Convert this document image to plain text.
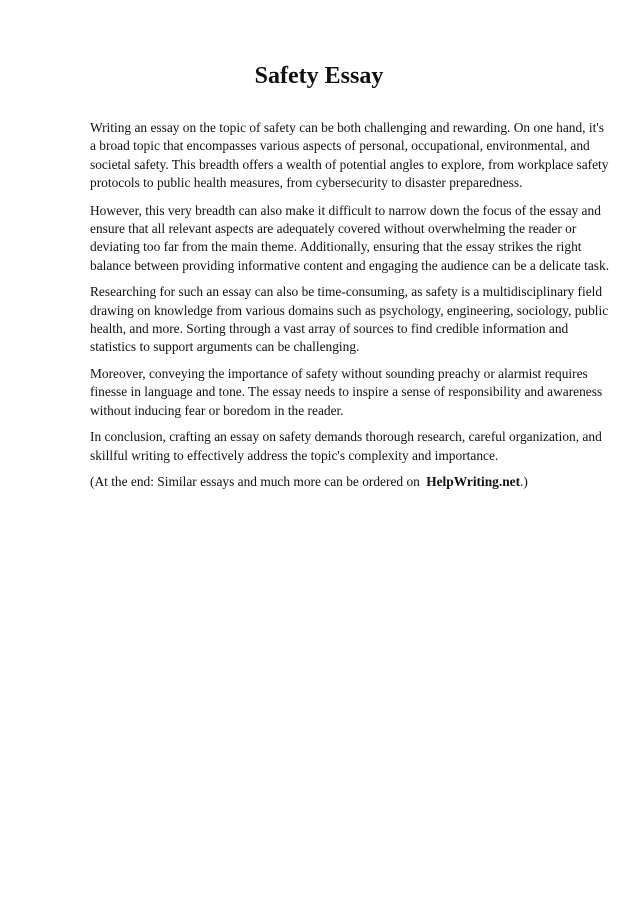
Safety Essay

Writing an essay on the topic of safety can be both challenging and rewarding. On one hand, it's a broad topic that encompasses various aspects of personal, occupational, environmental, and societal safety. This breadth offers a wealth of potential angles to explore, from workplace safety protocols to public health measures, from cybersecurity to disaster preparedness.

However, this very breadth can also make it difficult to narrow down the focus of the essay and ensure that all relevant aspects are adequately covered without overwhelming the reader or deviating too far from the main theme. Additionally, ensuring that the essay strikes the right balance between providing informative content and engaging the audience can be a delicate task.

Researching for such an essay can also be time-consuming, as safety is a multidisciplinary field drawing on knowledge from various domains such as psychology, engineering, sociology, public health, and more. Sorting through a vast array of sources to find credible information and statistics to support arguments can be challenging.

Moreover, conveying the importance of safety without sounding preachy or alarmist requires finesse in language and tone. The essay needs to inspire a sense of responsibility and awareness without inducing fear or boredom in the reader.

In conclusion, crafting an essay on safety demands thorough research, careful organization, and skillful writing to effectively address the topic's complexity and importance.

(At the end: Similar essays and much more can be ordered on HelpWriting.net.)
